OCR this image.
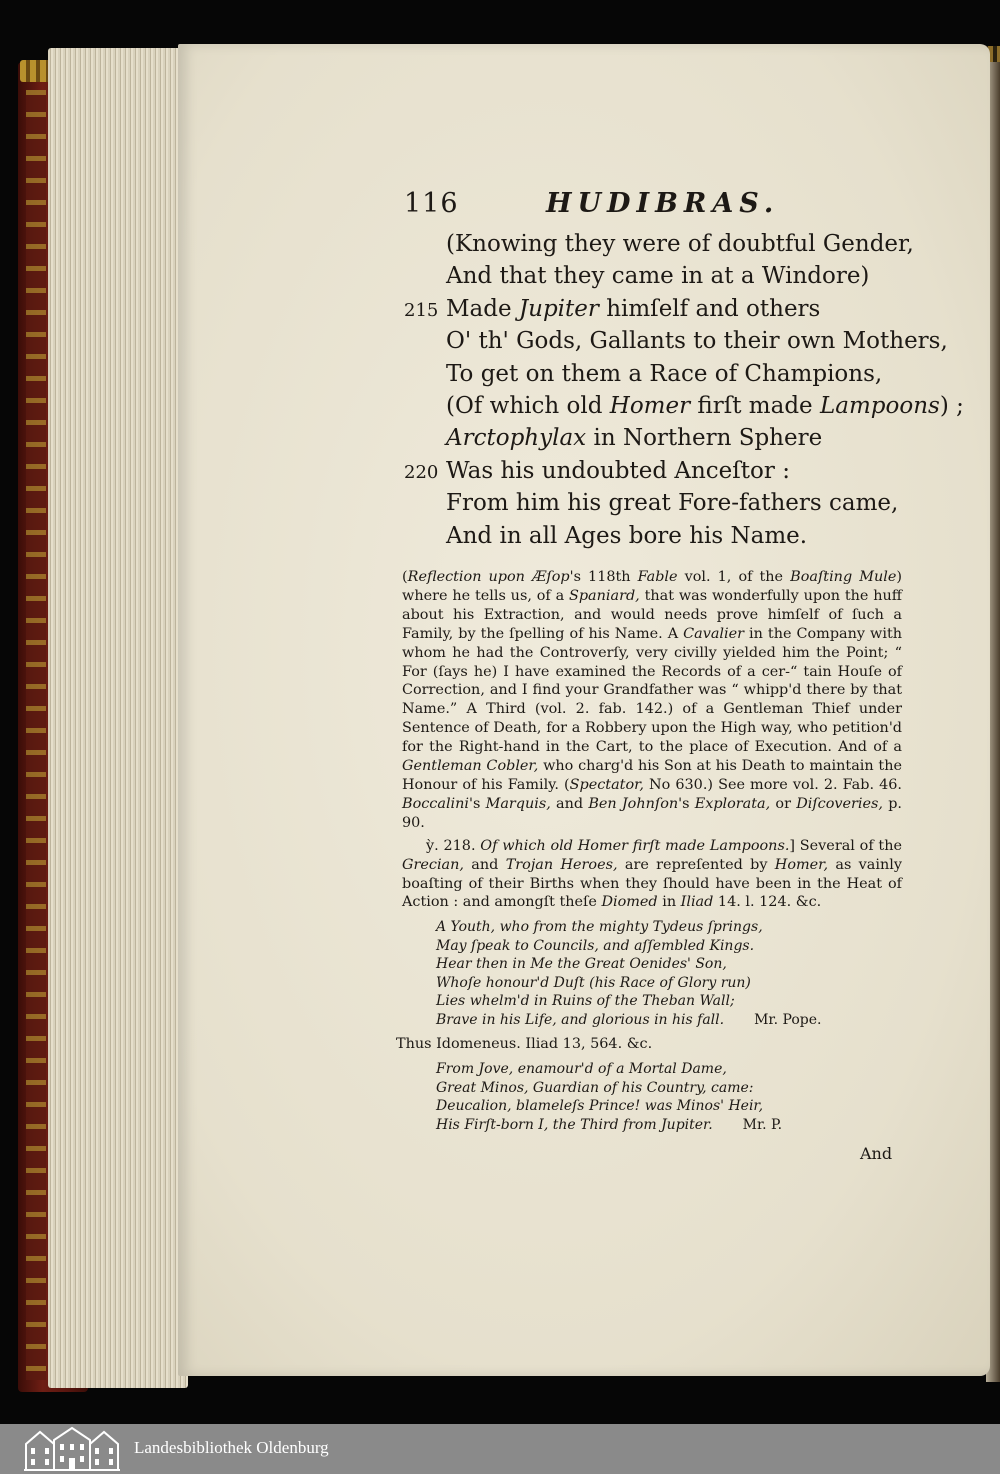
116	HUDIBRAS.
(Knowing they were of doubtful Gender,
And that they came in at a Windore)
215 Made Jupiter himſelf and others
O' th' Gods, Gallants to their own Mothers,
To get on them a Race of Champions,
(Of which old Homer firſt made Lampoons) ;
Arctophylax in Northern Sphere
220 Was his undoubted Anceſtor :
From him his great Fore-fathers came,
And in all Ages bore his Name.

(Reflection upon Æſop's 118th Fable vol. 1, of the Boaſting Mule) where he tells us, of a Spaniard, that was wonderfully upon the huff about his Extraction, and would needs prove himſelf of ſuch a Family, by the ſpelling of his Name. A Cavalier in the Company with whom he had the Controverſy, very civilly yielded him the Point; “ For (ſays he) I have examined the Records of a cer-“ tain Houſe of Correction, and I find your Grandfather was “ whipp'd there by that Name.” A Third (vol. 2. fab. 142.) of a Gentleman Thief under Sentence of Death, for a Robbery upon the High way, who petition'd for the Right-hand in the Cart, to the place of Execution. And of a Gentleman Cobler, who charg'd his Son at his Death to maintain the Honour of his Family. (Spectator, No 630.) See more vol. 2. Fab. 46. Boccalini's Marquis, and Ben Johnſon's Explorata, or Diſcoveries, p. 90.

ỳ. 218. Of which old Homer firſt made Lampoons.] Several of the Grecian, and Trojan Heroes, are repreſented by Homer, as vainly boaſting of their Births when they ſhould have been in the Heat of Action : and amongſt theſe Diomed in Iliad 14. l. 124. &c.

A Youth, who from the mighty Tydeus ſprings,
May ſpeak to Councils, and aſſembled Kings.
Hear then in Me the Great Oenides' Son,
Whoſe honour'd Duſt (his Race of Glory run)
Lies whelm'd in Ruins of the Theban Wall;
Brave in his Life, and glorious in his fall. Mr. Pope.
Thus Idomeneus. Iliad 13, 564. &c.
From Jove, enamour'd of a Mortal Dame,
Great Minos, Guardian of his Country, came:
Deucalion, blameleſs Prince! was Minos' Heir,
His Firſt-born I, the Third from Jupiter. Mr. P.
And
Landesbibliothek Oldenburg
